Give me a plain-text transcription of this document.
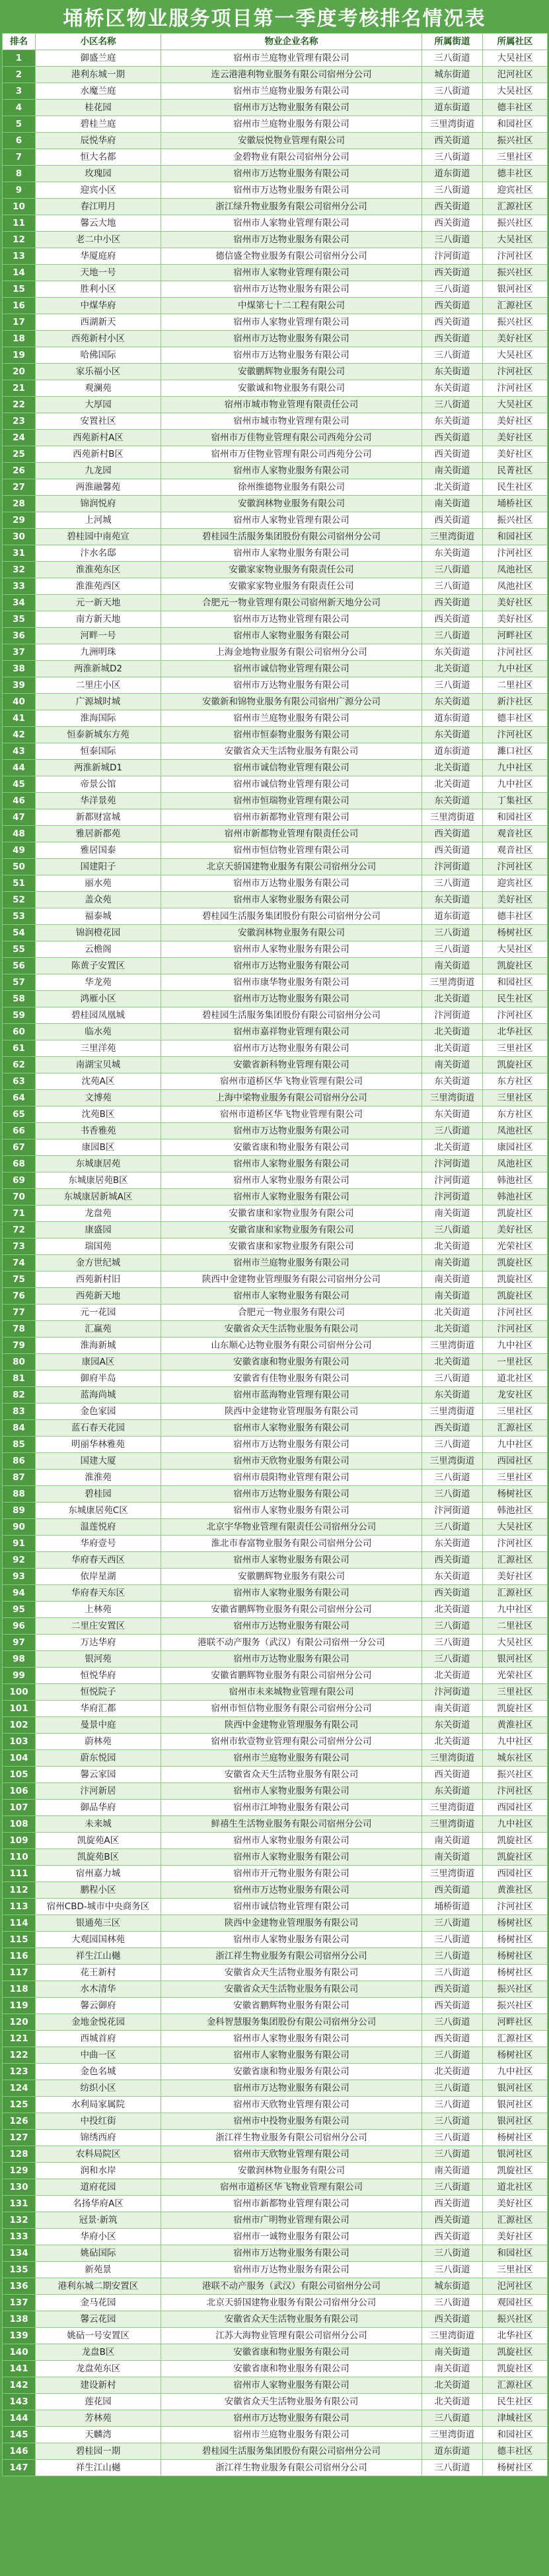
埇桥区物业服务项目第一季度考核排名情况表
排名	小区名称	物业企业名称	所属街道	所属社区
1	御盛兰庭	宿州市兰庭物业管理有限公司	三八街道	大吴社区
2	港利东城一期	连云港港利物业服务有限公司宿州分公司	城东街道	汜河社区
3	水魔兰庭	宿州市兰庭物业服务有限公司	三八街道	大吴社区
4	桂花园	宿州市万达物业服务有限公司	道东街道	德丰社区
5	碧桂兰庭	宿州市兰庭物业服务有限公司	三里湾街道	和园社区
6	辰悦华府	安徽辰悦物业管理有限公司	西关街道	振兴社区
7	恒大名都	金碧物业有限公司宿州分公司	三八街道	三里社区
8	玫瑰园	宿州市万达物业服务有限公司	道东街道	德丰社区
9	迎宾小区	宿州市万达物业服务有限公司	三八街道	迎宾社区
10	春江明月	浙江绿升物业服务有限公司宿州分公司	西关街道	汇源社区
11	馨云大地	宿州市人家物业管理有限公司	西关街道	振兴社区
12	老二中小区	宿州市万达物业服务有限公司	三八街道	大吴社区
13	华厦庭府	德信盛全物业服务有限公司宿州分公司	汴河街道	汴河社区
14	天地一号	宿州市人家物业管理有限公司	西关街道	振兴社区
15	胜利小区	宿州市万达物业服务有限公司	三八街道	银河社区
16	中煤华府	中煤第七十二工程有限公司	西关街道	汇源社区
17	西湖新天	宿州市人家物业管理有限公司	西关街道	振兴社区
18	西苑新村小区	宿州市万达物业服务有限公司	西关街道	美好社区
19	哈佛国际	宿州市万达物业服务有限公司	三八街道	大吴社区
20	家乐福小区	安徽鹏辉物业服务有限公司	东关街道	汴河社区
21	观澜苑	安徽诚和物业服务有限公司	东关街道	汴河社区
22	大厚园	宿州市城市物业管理有限责任公司	三八街道	大吴社区
23	安置社区	宿州市城市物业管理有限公司	东关街道	美好社区
24	西苑新村A区	宿州市万佳物业管理有限公司西苑分公司	西关街道	美好社区
25	西苑新村B区	宿州市万佳物业管理有限公司西苑分公司	西关街道	美好社区
26	九龙园	宿州市人家物业服务有限公司	南关街道	民菁社区
27	两淮融馨苑	徐州维德物业服务有限公司	北关街道	民生社区
28	锦润悦府	安徽润林物业服务有限公司	南关街道	埇桥社区
29	上河城	宿州市人家物业管理有限公司	西关街道	振兴社区
30	碧桂园中南苑宣	碧桂园生活服务集团股份有限公司宿州分公司	三里湾街道	和园社区
31	汴水名邸	宿州市人家物业服务有限公司	东关街道	汴河社区
32	淮淮苑东区	安徽家家物业服务有限责任公司	三八街道	凤池社区
33	淮淮苑西区	安徽家家物业服务有限责任公司	三八街道	凤池社区
34	元一新天地	合肥元一物业管理有限公司宿州新天地分公司	西关街道	美好社区
35	南方新天地	宿州市万达物业管理有限公司	西关街道	美好社区
36	河畔一号	宿州市人家物业服务有限公司	三八街道	河畔社区
37	九洲明珠	上海金地物业服务有限公司宿州分公司	东关街道	汴河社区
38	两淮新城D2	宿州市诚信物业管理有限公司	北关街道	九中社区
39	二里庄小区	宿州市万达物业服务有限公司	三八街道	二里社区
40	广源城时城	安徽新和锦物业服务有限公司宿州广源分公司	东关街道	新汴社区
41	淮海国际	宿州市兰庭物业服务有限公司	道东街道	德丰社区
42	恒泰新城东方苑	宿州市恒泰物业服务有限公司	东关街道	汴河社区
43	恒泰国际	安徽省众天生活物业服务有限公司	道东街道	濉口社区
44	两淮新城D1	宿州市诚信物业管理有限公司	北关街道	九中社区
45	帝景公馆	宿州市诚信物业管理有限公司	北关街道	九中社区
46	华洋景苑	宿州市恒瑞物业管理有限公司	东关街道	丁集社区
47	新都财富城	宿州市新都物业管理有限公司	三里湾街道	和园社区
48	雅居新都苑	宿州市新都物业管理有限责任公司	西关街道	观音社区
49	雅居国泰	宿州市恒信物业管理有限公司	西关街道	观音社区
50	国建阳子	北京天骄国建物业服务有限公司宿州分公司	汴河街道	汴河社区
51	丽水苑	宿州市万达物业服务有限公司	三八街道	迎宾社区
52	盖众苑	宿州市人家物业服务有限公司	东关街道	美好社区
53	福泰城	碧桂园生活服务集团股份有限公司宿州分公司	道东街道	德丰社区
54	锦润橙花园	安徽润林物业服务有限公司	三八街道	杨树社区
55	云檐阁	宿州市人家物业服务有限公司	三八街道	大吴社区
56	陈黄子安置区	宿州市万达物业服务有限公司	南关街道	凯旋社区
57	华龙苑	宿州市康华物业服务有限公司	三里湾街道	和园社区
58	鸿雁小区	宿州市万达物业服务有限公司	北关街道	民生社区
59	碧桂园凤凰城	碧桂园生活服务集团股份有限公司宿州分公司	汴河街道	汴河社区
60	临水苑	宿州市嘉祥物业管理有限公司	北关街道	北华社区
61	三里洋苑	宿州市万达物业服务有限公司	北关街道	三里社区
62	南湖宝贝城	安徽省新科物业管理有限公司	南关街道	凯旋社区
63	沈苑A区	宿州市道桥区华飞物业管理有限公司	东关街道	东方社区
64	文博苑	上海中梁物业服务有限公司宿州分公司	三里湾街道	三里社区
65	沈苑B区	宿州市道桥区华飞物业管理有限公司	东关街道	东方社区
66	书香雅苑	宿州市万达物业服务有限公司	三八街道	凤池社区
67	康园B区	安徽省康和物业服务有限公司	北关街道	康园社区
68	东城康居苑	宿州市人家物业服务有限公司	汴河街道	凤池社区
69	东城康居苑B区	宿州市人家物业服务有限公司	汴河街道	韩池社区
70	东城康居新城A区	宿州市人家物业服务有限公司	汴河街道	韩池社区
71	龙盘苑	安徽省康和家物业服务有限公司	南关街道	凯旋社区
72	康盛园	安徽省康和家物业服务有限公司	三八街道	美好社区
73	瑞国苑	安徽省康和家物业服务有限公司	北关街道	光荣社区
74	金方世纪城	宿州市兰庭物业服务有限公司	南关街道	凯旋社区
75	西苑新村旧	陕西中金建物业管理服务有限公司宿州分公司	南关街道	凯旋社区
76	西苑新天地	宿州市人家物业服务有限公司	南关街道	凯旋社区
77	元一花园	合肥元一物业服务有限公司	北关街道	汴河社区
78	汇赢苑	安徽省众天生活物业服务有限公司	北关街道	汴河社区
79	淮海新城	山东顺心达物业服务有限公司宿州分公司	三里湾街道	九中社区
80	康园A区	安徽省康和物业服务有限公司	北关街道	一里社区
81	御府半岛	安徽省有佳物业服务有限公司	三八街道	道北社区
82	蓝海尚城	宿州市蓝海物业管理有限公司	东关街道	龙安社区
83	金色家园	陕西中金建物业管理服务有限公司	三里湾街道	三里社区
84	蓝石春天花园	宿州市人家物业服务有限公司	西关街道	汇源社区
85	明丽华林雅苑	宿州市万达物业服务有限公司	三八街道	九中社区
86	国建大厦	宿州市天欣物业服务有限公司	三里湾街道	西园社区
87	淮淮苑	宿州市晨阳物业管理有限公司	三八街道	三里社区
88	碧桂园	宿州市万达物业服务有限公司	三八街道	杨树社区
89	东城康居苑C区	宿州市人家物业服务有限公司	汴河街道	韩池社区
90	温莲悦府	北京宇华物业管理有限责任公司宿州分公司	三八街道	大吴社区
91	华府壹号	淮北市春富物业服务有限公司宿州分公司	东关街道	汴河社区
92	华府春天西区	宿州市人家物业服务有限公司	西关街道	汇源社区
93	依岸星湖	安徽鹏辉物业服务有限公司	东关街道	美好社区
94	华府春天东区	宿州市人家物业服务有限公司	西关街道	汇源社区
95	上林苑	安徽省鹏辉物业服务有限公司宿州分公司	北关街道	九中社区
96	二里庄安置区	宿州市万达物业服务有限公司	三八街道	二里社区
97	万达华府	港联不动产服务（武汉）有限公司宿州一分公司	三八街道	大吴社区
98	银河苑	宿州市万达物业服务有限公司	三八街道	银河社区
99	恒悦华府	安徽省鹏辉物业服务有限公司宿州分公司	北关街道	光荣社区
100	恒悦院子	宿州市未来城物业管理有限公司	汴河街道	三里社区
101	华府汇都	宿州市恒信物业服务有限公司宿州分公司	南关街道	凯旋社区
102	曼景中庭	陕西中金建物业管理服务有限公司	东关街道	黄淮社区
103	蔚林苑	宿州市软壹物业管理有限公司宿州分公司	北关街道	九中社区
104	蔚东悦园	宿州市兰庭物业服务有限公司	三里湾街道	城东社区
105	馨云家园	安徽省众天生活物业服务有限公司	西关街道	振兴社区
106	汴河新居	宿州市人家物业服务有限公司	东关街道	汴河社区
107	御品华府	宿州市江坤物业服务有限公司	三里湾街道	西园社区
108	未来城	鲜禧生生活物业服务有限公司宿州分公司	三里湾街道	九中社区
109	凯旋苑A区	宿州市人家物业服务有限公司	南关街道	凯旋社区
110	凯旋苑B区	宿州市人家物业服务有限公司	南关街道	凯旋社区
111	宿州嘉力城	宿州市开元物业服务有限公司	三里湾街道	西园社区
112	鹏程小区	宿州市万达物业服务有限公司	西关街道	黄淮社区
113	宿州CBD-城市中央商务区	宿州市诚信物业管理有限公司	埇桥街道	汴河社区
114	银通苑三区	陕西中金建物业管理服务有限公司	三八街道	杨树社区
115	大观园国林苑	宿州市人家物业服务有限公司	三八街道	杨树社区
116	祥生江山樾	浙江祥生物业服务有限公司宿州分公司	三八街道	杨树社区
117	花王新村	安徽省众天生活物业服务有限公司	三八街道	杨树社区
118	水木清华	安徽省众天生活物业服务有限公司	西关街道	振兴社区
119	馨云御府	安徽省鹏辉物业服务有限公司	西关街道	振兴社区
120	金地金悦花园	金科智慧服务集团股份有限公司宿州分公司	三八街道	河畔社区
121	西城首府	宿州市人家物业服务有限公司	西关街道	汇源社区
122	中曲一区	宿州市人家物业服务有限公司	三八街道	杨树社区
123	金色名城	安徽省康和物业服务有限公司	北关街道	九中社区
124	纺织小区	宿州市万达物业服务有限公司	三八街道	银河社区
125	水利局家属院	宿州市天欣物业管理有限公司	三八街道	银河社区
126	中投红街	宿州市中投物业服务有限公司	三八街道	银河社区
127	锦绣西府	浙江祥生物业服务有限公司宿州分公司	三八街道	杨树社区
128	农科局院区	宿州市天欣物业管理有限公司	三八街道	银河社区
129	润和水岸	安徽润林物业服务有限公司	南关街道	凯旋社区
130	道府花园	宿州市道桥区华飞物业管理有限公司	三八街道	道北社区
131	名扬华府A区	宿州市新都物业管理有限公司	西关街道	美好社区
132	冠景·新筑	宿州市广明物业管理有限公司	西关街道	汇源社区
133	华府小区	宿州市一诚物业服务有限公司	西关街道	美好社区
134	姚砧国际	宿州市万达物业服务有限公司	三八街道	和园社区
135	新苑景	宿州市万达物业服务有限公司	三八街道	三里社区
136	港利东城二期安置区	港联不动产服务（武汉）有限公司宿州分公司	城东街道	汜河社区
137	金马花园	北京天骄国建物业服务有限公司宿州分公司	三八街道	观园社区
138	馨云花园	安徽省众天生活物业服务有限公司	西关街道	振兴社区
139	姚砧一号安置区	江苏大海物业管理有限公司宿州分公司	三里湾街道	北华社区
140	龙盘B区	安徽省康和物业服务有限公司	南关街道	凯旋社区
141	龙盘苑东区	安徽省康和物业服务有限公司	南关街道	凯旋社区
142	建设新村	宿州市人家物业服务有限公司	北关街道	汇源社区
143	莲花园	安徽省众天生活物业服务有限公司	北关街道	民生社区
144	芳林苑	宿州市万达物业服务有限公司	三八街道	津城社区
145	天麟湾	宿州市兰庭物业服务有限公司	三里湾街道	和园社区
146	碧桂园一期	碧桂园生活服务集团股份有限公司宿州分公司	道东街道	德丰社区
147	祥生江山樾	浙江祥生物业服务有限公司宿州分公司	三八街道	杨树社区
